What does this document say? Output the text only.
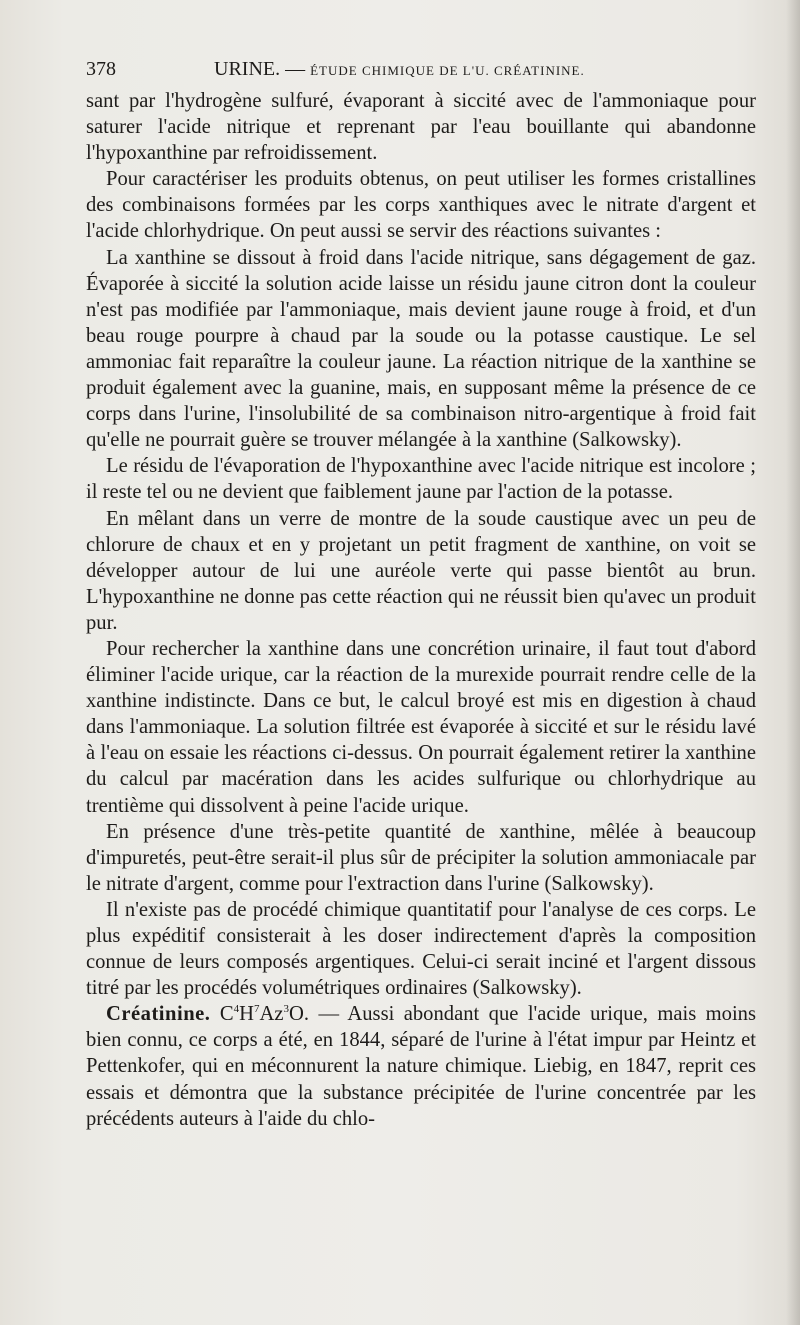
378	URINE. — ÉTUDE CHIMIQUE DE L'U. CRÉATININE.

sant par l'hydrogène sulfuré, évaporant à siccité avec de l'ammoniaque pour saturer l'acide nitrique et reprenant par l'eau bouillante qui abandonne l'hypoxanthine par refroidissement.

Pour caractériser les produits obtenus, on peut utiliser les formes cristallines des combinaisons formées par les corps xanthiques avec le nitrate d'argent et l'acide chlorhydrique. On peut aussi se servir des réactions suivantes :

La xanthine se dissout à froid dans l'acide nitrique, sans dégagement de gaz. Évaporée à siccité la solution acide laisse un résidu jaune citron dont la couleur n'est pas modifiée par l'ammoniaque, mais devient jaune rouge à froid, et d'un beau rouge pourpre à chaud par la soude ou la potasse caustique. Le sel ammoniac fait reparaître la couleur jaune. La réaction nitrique de la xanthine se produit également avec la guanine, mais, en supposant même la présence de ce corps dans l'urine, l'insolubilité de sa combinaison nitro-argentique à froid fait qu'elle ne pourrait guère se trouver mélangée à la xanthine (Salkowsky).

Le résidu de l'évaporation de l'hypoxanthine avec l'acide nitrique est incolore ; il reste tel ou ne devient que faiblement jaune par l'action de la potasse.

En mêlant dans un verre de montre de la soude caustique avec un peu de chlorure de chaux et en y projetant un petit fragment de xanthine, on voit se développer autour de lui une auréole verte qui passe bientôt au brun. L'hypoxanthine ne donne pas cette réaction qui ne réussit bien qu'avec un produit pur.

Pour rechercher la xanthine dans une concrétion urinaire, il faut tout d'abord éliminer l'acide urique, car la réaction de la murexide pourrait rendre celle de la xanthine indistincte. Dans ce but, le calcul broyé est mis en digestion à chaud dans l'ammoniaque. La solution filtrée est évaporée à siccité et sur le résidu lavé à l'eau on essaie les réactions ci-dessus. On pourrait également retirer la xanthine du calcul par macération dans les acides sulfurique ou chlorhydrique au trentième qui dissolvent à peine l'acide urique.

En présence d'une très-petite quantité de xanthine, mêlée à beaucoup d'impuretés, peut-être serait-il plus sûr de précipiter la solution ammoniacale par le nitrate d'argent, comme pour l'extraction dans l'urine (Salkowsky).

Il n'existe pas de procédé chimique quantitatif pour l'analyse de ces corps. Le plus expéditif consisterait à les doser indirectement d'après la composition connue de leurs composés argentiques. Celui-ci serait inciné et l'argent dissous titré par les procédés volumétriques ordinaires (Salkowsky).

Créatinine. $C^4H^7Az^3O$. — Aussi abondant que l'acide urique, mais moins bien connu, ce corps a été, en 1844, séparé de l'urine à l'état impur par Heintz et Pettenkofer, qui en méconnurent la nature chimique. Liebig, en 1847, reprit ces essais et démontra que la substance précipitée de l'urine concentrée par les précédents auteurs à l'aide du chlo-
